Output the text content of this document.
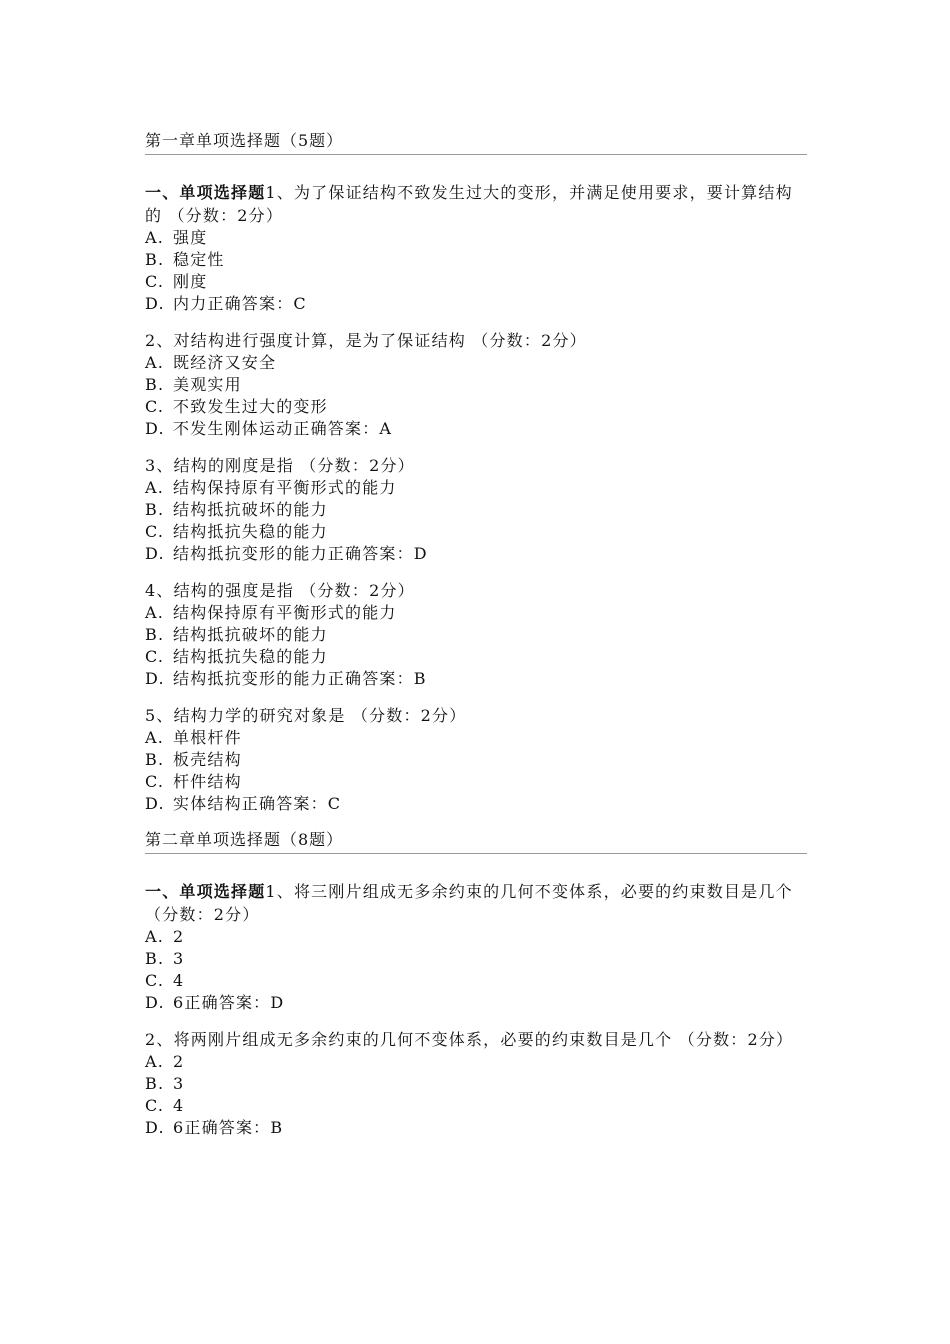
第一章单项选择题（5题）
一、单项选择题1、为了保证结构不致发生过大的变形，并满足使用要求，要计算结构的 （分数：2分）
A. 强度
B. 稳定性
C. 刚度
D. 内力正确答案：C
2、对结构进行强度计算，是为了保证结构 （分数：2分）
A. 既经济又安全
B. 美观实用
C. 不致发生过大的变形
D. 不发生刚体运动正确答案：A
3、结构的刚度是指 （分数：2分）
A. 结构保持原有平衡形式的能力
B. 结构抵抗破坏的能力
C. 结构抵抗失稳的能力
D. 结构抵抗变形的能力正确答案：D
4、结构的强度是指 （分数：2分）
A. 结构保持原有平衡形式的能力
B. 结构抵抗破坏的能力
C. 结构抵抗失稳的能力
D. 结构抵抗变形的能力正确答案：B
5、结构力学的研究对象是 （分数：2分）
A. 单根杆件
B. 板壳结构
C. 杆件结构
D. 实体结构正确答案：C
第二章单项选择题（8题）
一、单项选择题1、将三刚片组成无多余约束的几何不变体系，必要的约束数目是几个 （分数：2分）
A. 2
B. 3
C. 4
D. 6正确答案：D
2、将两刚片组成无多余约束的几何不变体系，必要的约束数目是几个 （分数：2分）
A. 2
B. 3
C. 4
D. 6正确答案：B
